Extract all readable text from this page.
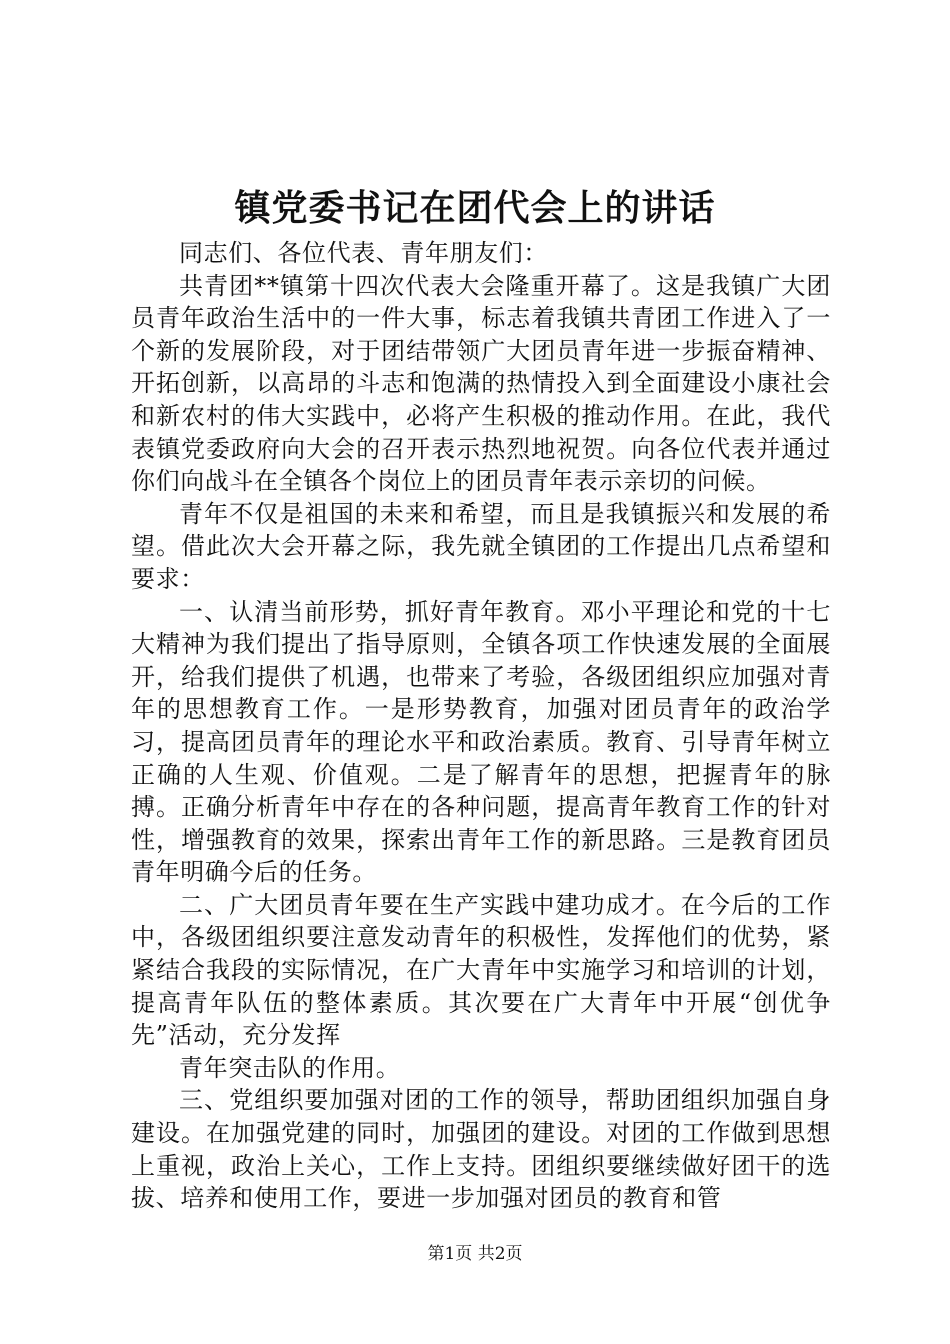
镇党委书记在团代会上的讲话

同志们、各位代表、青年朋友们：

共青团**镇第十四次代表大会隆重开幕了。这是我镇广大团员青年政治生活中的一件大事，标志着我镇共青团工作进入了一个新的发展阶段，对于团结带领广大团员青年进一步振奋精神、开拓创新，以高昂的斗志和饱满的热情投入到全面建设小康社会和新农村的伟大实践中，必将产生积极的推动作用。在此，我代表镇党委政府向大会的召开表示热烈地祝贺。向各位代表并通过你们向战斗在全镇各个岗位上的团员青年表示亲切的问候。

青年不仅是祖国的未来和希望，而且是我镇振兴和发展的希望。借此次大会开幕之际，我先就全镇团的工作提出几点希望和要求：

一、认清当前形势，抓好青年教育。邓小平理论和党的十七大精神为我们提出了指导原则，全镇各项工作快速发展的全面展开，给我们提供了机遇，也带来了考验，各级团组织应加强对青年的思想教育工作。一是形势教育，加强对团员青年的政治学习，提高团员青年的理论水平和政治素质。教育、引导青年树立正确的人生观、价值观。二是了解青年的思想，把握青年的脉搏。正确分析青年中存在的各种问题，提高青年教育工作的针对性，增强教育的效果，探索出青年工作的新思路。三是教育团员青年明确今后的任务。

二、广大团员青年要在生产实践中建功成才。在今后的工作中，各级团组织要注意发动青年的积极性，发挥他们的优势，紧紧结合我段的实际情况，在广大青年中实施学习和培训的计划，提高青年队伍的整体素质。其次要在广大青年中开展“创优争先”活动，充分发挥

青年突击队的作用。

三、党组织要加强对团的工作的领导，帮助团组织加强自身建设。在加强党建的同时，加强团的建设。对团的工作做到思想上重视，政治上关心，工作上支持。团组织要继续做好团干的选拔、培养和使用工作，要进一步加强对团员的教育和管

第1页 共2页
